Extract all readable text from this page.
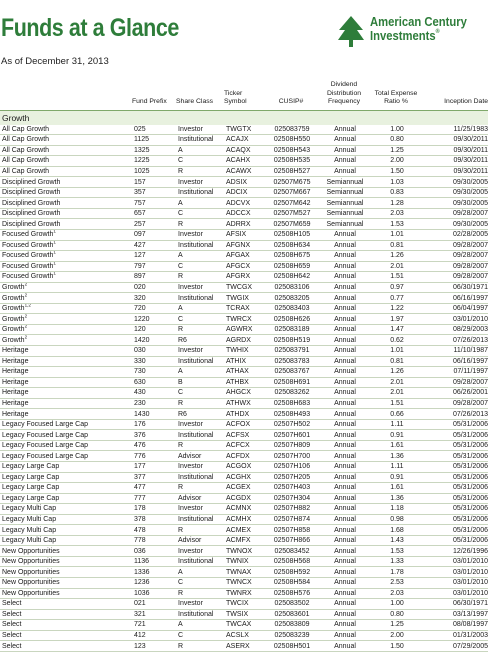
Funds at a Glance
As of December 31, 2013
American Century
Investments®
	Fund Prefix	Share Class	Ticker Symbol	CUSIP#	Dividend Distribution Frequency	Total Expense Ratio %	Inception Date
Growth							
All Cap Growth	025	Investor	TWGTX	025083759	Annual	1.00	11/25/1983
All Cap Growth	1125	Institutional	ACAJX	02508H550	Annual	0.80	09/30/2011
All Cap Growth	1325	A	ACAQX	02508H543	Annual	1.25	09/30/2011
All Cap Growth	1225	C	ACAHX	02508H535	Annual	2.00	09/30/2011
All Cap Growth	1025	R	ACAWX	02508H527	Annual	1.50	09/30/2011
Disciplined Growth	157	Investor	ADSIX	02507M675	Semiannual	1.03	09/30/2005
Disciplined Growth	357	Institutional	ADCIX	02507M667	Semiannual	0.83	09/30/2005
Disciplined Growth	757	A	ADCVX	02507M642	Semiannual	1.28	09/30/2005
Disciplined Growth	657	C	ADCCX	02507M527	Semiannual	2.03	09/28/2007
Disciplined Growth	257	R	ADRRX	02507M659	Semiannual	1.53	09/30/2005
Focused Growth$^1$	097	Investor	AFSIX	02508H105	Annual	1.01	02/28/2005
Focused Growth$^1$	427	Institutional	AFGNX	02508H634	Annual	0.81	09/28/2007
Focused Growth$^1$	127	A	AFGAX	02508H675	Annual	1.26	09/28/2007
Focused Growth$^1$	797	C	AFGCX	02508H659	Annual	2.01	09/28/2007
Focused Growth$^1$	897	R	AFGRX	02508H642	Annual	1.51	09/28/2007
Growth$^2$	020	Investor	TWCGX	025083106	Annual	0.97	06/30/1971
Growth$^2$	320	Institutional	TWGIX	025083205	Annual	0.77	06/16/1997
Growth$^{1,2}$	720	A	TCRAX	025083403	Annual	1.22	06/04/1997
Growth$^2$	1220	C	TWRCX	02508H626	Annual	1.97	03/01/2010
Growth$^2$	120	R	AGWRX	025083189	Annual	1.47	08/29/2003
Growth$^2$	1420	R6	AGRDX	02508H519	Annual	0.62	07/26/2013
Heritage	030	Investor	TWHIX	025083791	Annual	1.01	11/10/1987
Heritage	330	Institutional	ATHIX	025083783	Annual	0.81	06/16/1997
Heritage	730	A	ATHAX	025083767	Annual	1.26	07/11/1997
Heritage	630	B	ATHBX	02508H691	Annual	2.01	09/28/2007
Heritage	430	C	AHGCX	025083262	Annual	2.01	06/26/2001
Heritage	230	R	ATHWX	02508H683	Annual	1.51	09/28/2007
Heritage	1430	R6	ATHDX	02508H493	Annual	0.66	07/26/2013
Legacy Focused Large Cap	176	Investor	ACFOX	02507H502	Annual	1.11	05/31/2006
Legacy Focused Large Cap	376	Institutional	ACFSX	02507H601	Annual	0.91	05/31/2006
Legacy Focused Large Cap	476	R	ACFCX	02507H809	Annual	1.61	05/31/2006
Legacy Focused Large Cap	776	Advisor	ACFDX	02507H700	Annual	1.36	05/31/2006
Legacy Large Cap	177	Investor	ACGOX	02507H106	Annual	1.11	05/31/2006
Legacy Large Cap	377	Institutional	ACGHX	02507H205	Annual	0.91	05/31/2006
Legacy Large Cap	477	R	ACGEX	02507H403	Annual	1.61	05/31/2006
Legacy Large Cap	777	Advisor	ACGDX	02507H304	Annual	1.36	05/31/2006
Legacy Multi Cap	178	Investor	ACMNX	02507H882	Annual	1.18	05/31/2006
Legacy Multi Cap	378	Institutional	ACMHX	02507H874	Annual	0.98	05/31/2006
Legacy Multi Cap	478	R	ACMEX	02507H858	Annual	1.68	05/31/2006
Legacy Multi Cap	778	Advisor	ACMFX	02507H866	Annual	1.43	05/31/2006
New Opportunities	036	Investor	TWNOX	025083452	Annual	1.53	12/26/1996
New Opportunities	1136	Institutional	TWNIX	02508H568	Annual	1.33	03/01/2010
New Opportunities	1336	A	TWNAX	02508H592	Annual	1.78	03/01/2010
New Opportunities	1236	C	TWNCX	02508H584	Annual	2.53	03/01/2010
New Opportunities	1036	R	TWNRX	02508H576	Annual	2.03	03/01/2010
Select	021	Investor	TWCIX	025083502	Annual	1.00	06/30/1971
Select	321	Institutional	TWSIX	025083601	Annual	0.80	03/13/1997
Select	721	A	TWCAX	025083809	Annual	1.25	08/08/1997
Select	412	C	ACSLX	025083239	Annual	2.00	01/31/2003
Select	123	R	ASERX	02508H501	Annual	1.50	07/29/2005
